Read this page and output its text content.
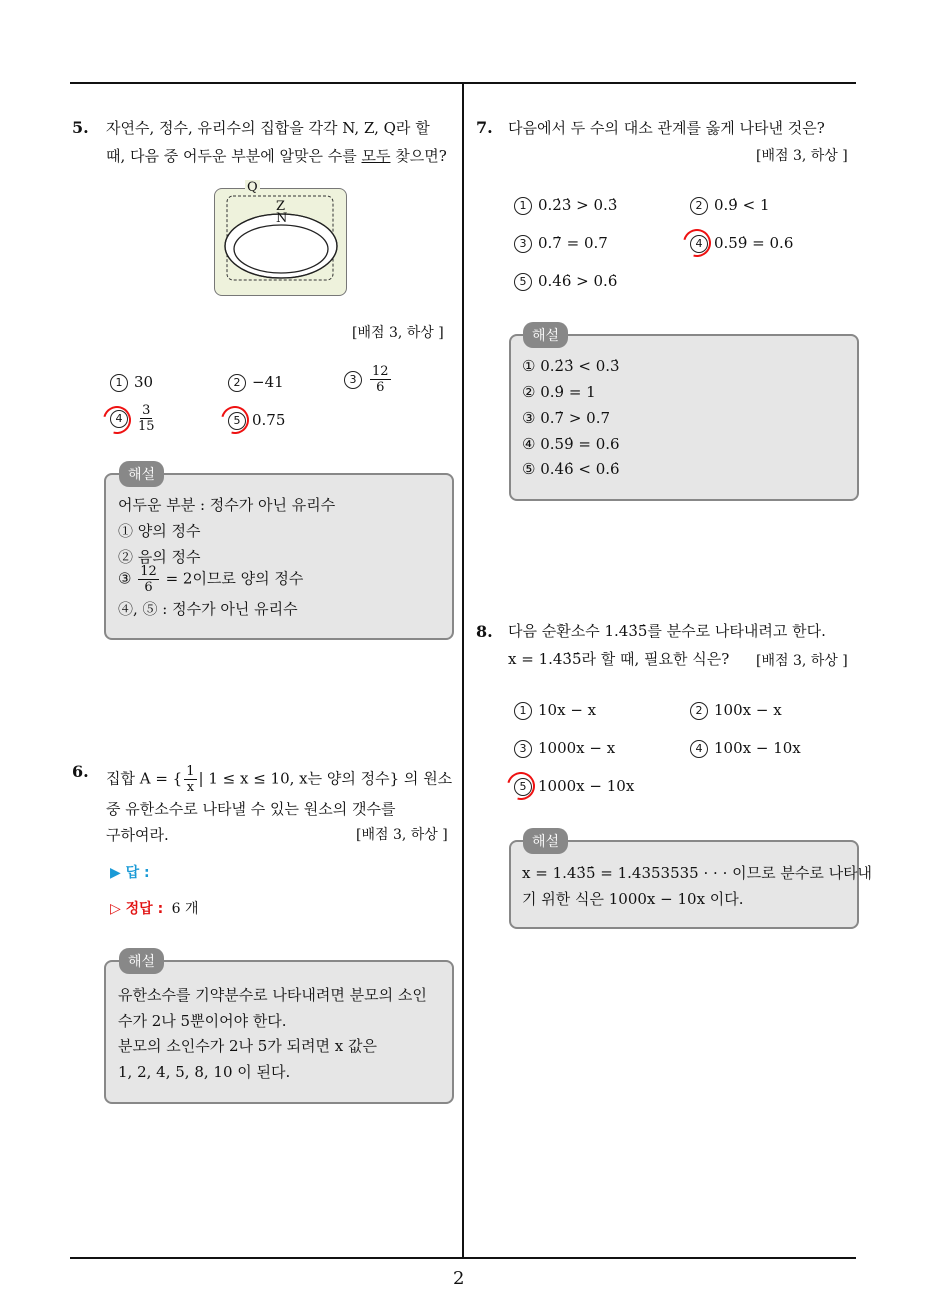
2
5. 자연수, 정수, 유리수의 집합을 각각 N, Z, Q라 할
때, 다음 중 어두운 부분에 알맞은 수를 모두 찾으면?
Q
Z
N
[배점 3, 하상 ]
1 30	2 −41	$3 \frac{12}{6}$
$4 \frac{3}{15}$	5 0.75
해설
어두운 부분 : 정수가 아닌 유리수
① 양의 정수
② 음의 정수
③ $\frac{12}{6} = 2$이므로 양의 정수
④, ⑤ : 정수가 아닌 유리수
6. 집합 A = { $\frac{1}{x}$ | 1 ≤ x ≤ 10, x는 양의 정수} 의 원소
중 유한소수로 나타낼 수 있는 원소의 갯수를
구하여라.	[배점 3, 하상 ]
▶ 답 :
▷ 정답 : 6 개
해설
유한소수를 기약분수로 나타내려면 분모의 소인
수가 2나 5뿐이어야 한다.
분모의 소인수가 2나 5가 되려면 x 값은
1, 2, 4, 5, 8, 10 이 된다.
7. 다음에서 두 수의 대소 관계를 옳게 나타낸 것은?
[배점 3, 하상 ]
1 0.2̇3̇ > 0.3̇	2 0.9̇ < 1
3 0.7̇ = 0.7	4 0.59̇ = 0.6
5 0.4̇6̇ > 0.6̇
해설
① 0.2̇3̇ < 0.3̇
② 0.9̇ = 1
③ 0.7̇ > 0.7
④ 0.59̇ = 0.6
⑤ 0.4̇6̇ < 0.6̇
8. 다음 순환소수 1.43̇5̇를 분수로 나타내려고 한다.
x = 1.43̇5̇라 할 때, 필요한 식은? [배점 3, 하상 ]
1 10x − x	2 100x − x
3 1000x − x	4 100x − 10x
5 1000x − 10x
해설
x = 1.43̇5̇ = 1.4353535 · · · 이므로 분수로 나타내
기 위한 식은 1000x − 10x 이다.
